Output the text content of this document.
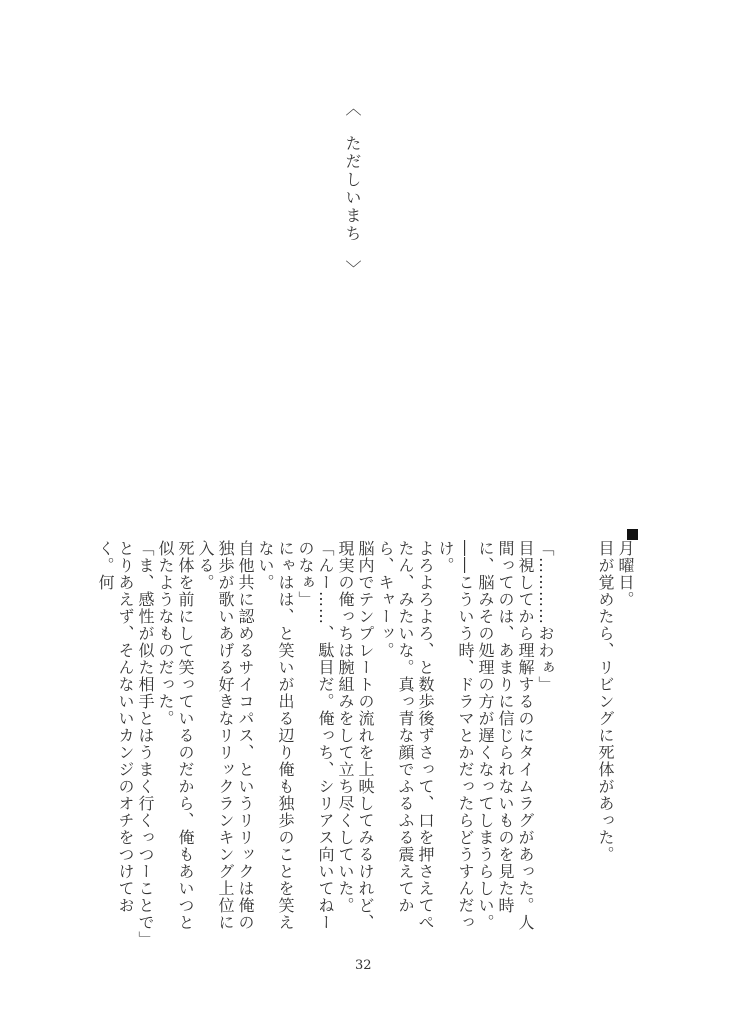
︿ ただしいまち ﹀

月曜日。

目が覚めたら、リビングに死体があった。

「…………おわぁ」

目視してから理解するのにタイムラグがあった。人間ってのは、あまりに信じられないものを見た時に、脳みその処理の方が遅くなってしまうらしい。

――こういう時、ドラマとかだったらどうすんだっけ。

よろよろよろ、と数歩後ずさって、口を押さえてぺたん、みたいな。真っ青な顔でふるふる震えてから、キャーッ。

脳内でテンプレートの流れを上映してみるけれど、現実の俺っちは腕組みをして立ち尽くしていた。

「んー……、駄目だ。俺っち、シリアス向いてねーのなぁ」

にゃはは、と笑いが出る辺り俺も独歩のことを笑えない。

自他共に認めるサイコパス、というリリックは俺の独歩が歌いあげる好きなリリックランキング上位に入る。

死体を前にして笑っているのだから、俺もあいつと似たようなものだった。

「ま、感性が似た相手とはうまく行くっつーことで」

とりあえず、そんないいカンジのオチをつけておく。何

32
